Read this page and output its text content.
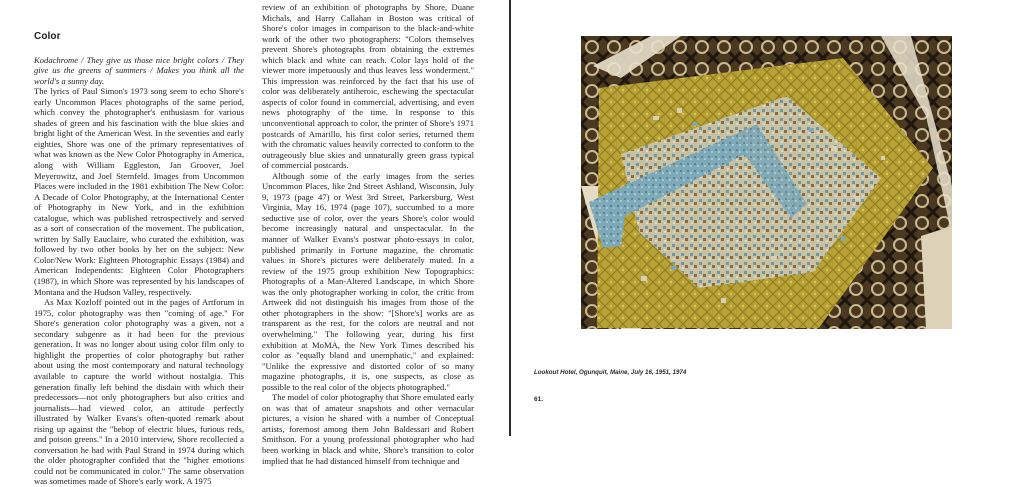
Color

Kodachrome / They give us those nice bright colors / They give us the greens of summers / Makes you think all the world's a sunny day.

The lyrics of Paul Simon's 1973 song seem to echo Shore's early Uncommon Places photographs of the same period, which convey the photographer's enthusiasm for various shades of green and his fascination with the blue skies and bright light of the American West. In the seventies and early eighties, Shore was one of the primary representatives of what was known as the New Color Photography in America, along with William Eggleston, Jan Groover, Joel Meyerowitz, and Joel Sternfeld. Images from Uncommon Places were included in the 1981 exhibition The New Color: A Decade of Color Photography, at the International Center of Photography in New York, and in the exhibition catalogue, which was published retrospectively and served as a sort of consecration of the movement. The publication, written by Sally Eauclaire, who curated the exhibition, was followed by two other books by her on the subject: New Color/New Work: Eighteen Photographic Essays (1984) and American Independents: Eighteen Color Photographers (1987), in which Shore was represented by his landscapes of Montana and the Hudson Valley, respectively.

As Max Kozloff pointed out in the pages of Artforum in 1975, color photography was then "coming of age." For Shore's generation color photography was a given, not a secondary subgenre as it had been for the previous generation. It was no longer about using color film only to highlight the properties of color photography but rather about using the most contemporary and natural technology available to capture the world without nostalgia. This generation finally left behind the disdain with which their predecessors—not only photographers but also critics and journalists—had viewed color, an attitude perfectly illustrated by Walker Evans's often-quoted remark about rising up against the "bebop of electric blues, furious reds, and poison greens." In a 2010 interview, Shore recollected a conversation he had with Paul Strand in 1974 during which the older photographer confided that the "higher emotions could not be communicated in color." The same observation was sometimes made of Shore's early work. A 1975

review of an exhibition of photographs by Shore, Duane Michals, and Harry Callahan in Boston was critical of Shore's color images in comparison to the black-and-white work of the other two photographers: "Colors themselves prevent Shore's photographs from obtaining the extremes which black and white can reach. Color lays hold of the viewer more impetuously and thus leaves less wonderment." This impression was reinforced by the fact that his use of color was deliberately antiheroic, eschewing the spectacular aspects of color found in commercial, advertising, and even news photography of the time. In response to this unconventional approach to color, the printer of Shore's 1971 postcards of Amarillo, his first color series, returned them with the chromatic values heavily corrected to conform to the outrageously blue skies and unnaturally green grass typical of commercial postcards.

Although some of the early images from the series Uncommon Places, like 2nd Street Ashland, Wisconsin, July 9, 1973 (page 47) or West 3rd Street, Parkersburg, West Virginia, May 16, 1974 (page 107), succumbed to a more seductive use of color, over the years Shore's color would become increasingly natural and unspectacular. In the manner of Walker Evans's postwar photo-essays in color, published primarily in Fortune magazine, the chromatic values in Shore's pictures were deliberately muted. In a review of the 1975 group exhibition New Topographics: Photographs of a Man-Altered Landscape, in which Shore was the only photographer working in color, the critic from Artweek did not distinguish his images from those of the other photographers in the show: "[Shore's] works are as transparent as the rest, for the colors are neutral and not overwhelming." The following year, during his first exhibition at MoMA, the New York Times described his color as "equally bland and unemphatic," and explained: "Unlike the expressive and distorted color of so many magazine photographs, it is, one suspects, as close as possible to the real color of the objects photographed."

The model of color photography that Shore emulated early on was that of amateur snapshots and other vernacular pictures, a vision he shared with a number of Conceptual artists, foremost among them John Baldessari and Robert Smithson. For a young professional photographer who had been working in black and white, Shore's transition to color implied that he had distanced himself from technique and

Lookout Hotel, Ogunquit, Maine, July 16, 1951, 1974
61.
